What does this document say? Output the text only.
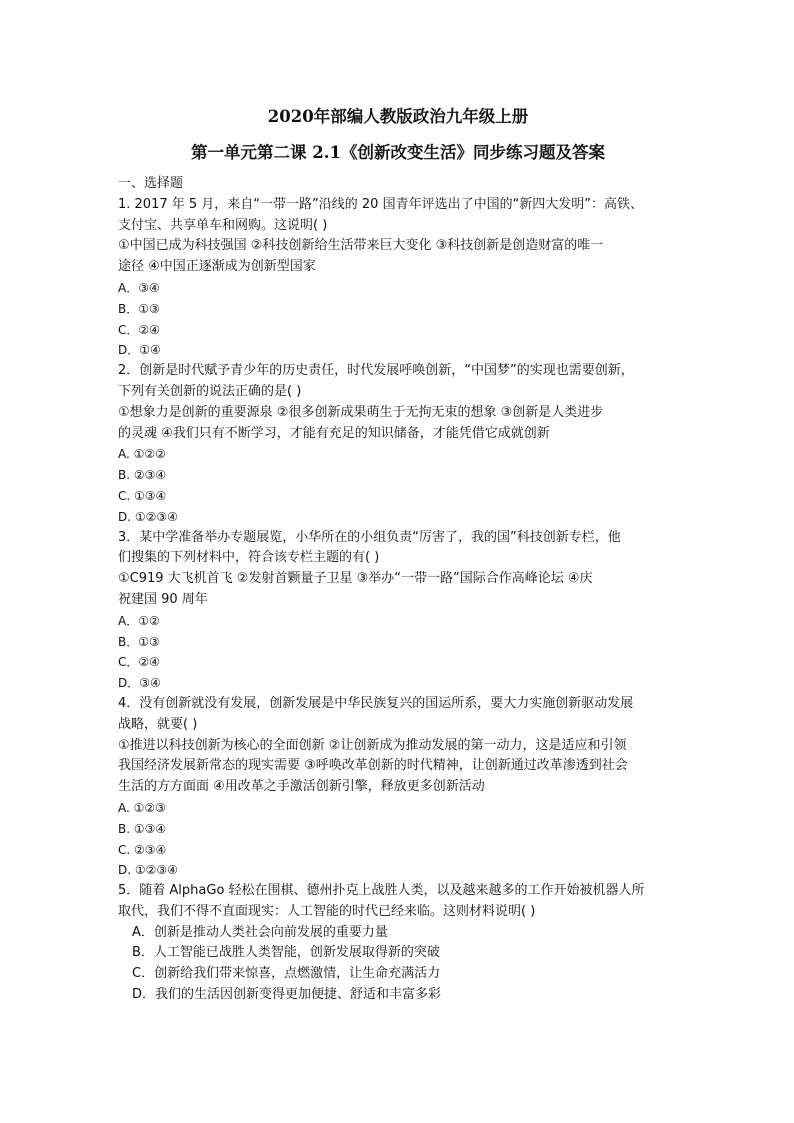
2020年部编人教版政治九年级上册
第一单元第二课 2.1《创新改变生活》同步练习题及答案
一、选择题
1. 2017 年 5 月，来自“一带一路”沿线的 20 国青年评选出了中国的“新四大发明”：高铁、
支付宝、共享单车和网购。这说明( )
①中国已成为科技强国 ②科技创新给生活带来巨大变化 ③科技创新是创造财富的唯一
途径 ④中国正逐渐成为创新型国家
A．③④
B．①③
C．②④
D．①④
2．创新是时代赋予青少年的历史责任，时代发展呼唤创新，“中国梦”的实现也需要创新，
下列有关创新的说法正确的是( )
①想象力是创新的重要源泉 ②很多创新成果萌生于无拘无束的想象 ③创新是人类进步
的灵魂 ④我们只有不断学习，才能有充足的知识储备，才能凭借它成就创新
A. ①②②
B. ②③④
C. ①③④
D. ①②③④
3．某中学准备举办专题展览，小华所在的小组负责“厉害了，我的国”科技创新专栏，他
们搜集的下列材料中，符合该专栏主题的有( )
①C919 大飞机首飞 ②发射首颗量子卫星 ③举办“一带一路”国际合作高峰论坛 ④庆
祝建国 90 周年
A．①②
B．①③
C．②④
D．③④
4．没有创新就没有发展，创新发展是中华民族复兴的国运所系，要大力实施创新驱动发展
战略，就要( )
①推进以科技创新为核心的全面创新 ②让创新成为推动发展的第一动力，这是适应和引领
我国经济发展新常态的现实需要 ③呼唤改革创新的时代精神，让创新通过改革渗透到社会
生活的方方面面 ④用改革之手激活创新引擎，释放更多创新活动
A. ①②③
B. ①③④
C. ②③④
D. ①②③④
5．随着 AlphaGo 轻松在围棋、德州扑克上战胜人类，以及越来越多的工作开始被机器人所
取代，我们不得不直面现实：人工智能的时代已经来临。这则材料说明( )
A．创新是推动人类社会向前发展的重要力量
B．人工智能已战胜人类智能，创新发展取得新的突破
C．创新给我们带来惊喜，点燃激情，让生命充满活力
D．我们的生活因创新变得更加便捷、舒适和丰富多彩
